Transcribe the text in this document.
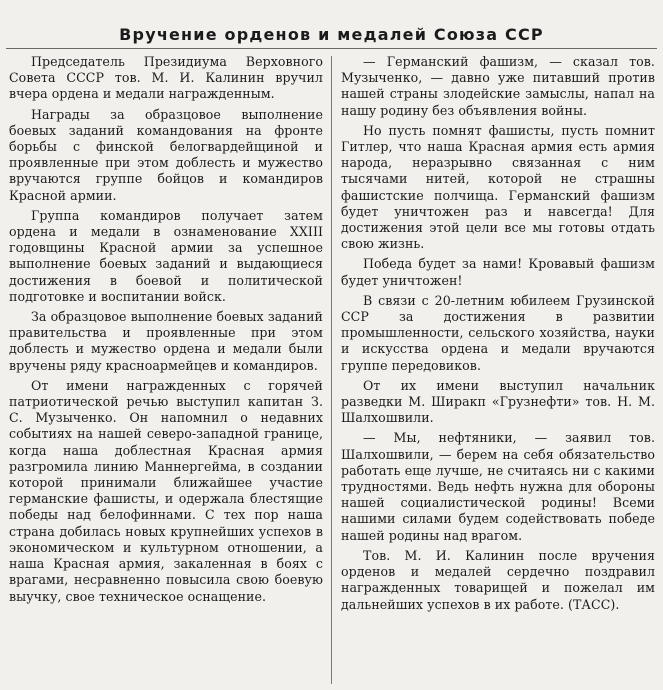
Вручение орденов и медалей Союза ССР

Председатель Президиума Верховного Совета СССР тов. М. И. Калинин вручил вчера ордена и медали награжденным.

Награды за образцовое выполнение боевых заданий командования на фронте борьбы с финской белогвардейщиной и проявленные при этом доблесть и мужество вручаются группе бойцов и командиров Красной армии.

Группа командиров получает затем ордена и медали в ознаменование XXIII годовщины Красной армии за успешное выполнение боевых заданий и выдающиеся достижения в боевой и политической подготовке и воспитании войск.

За образцовое выполнение боевых заданий правительства и проявленные при этом доблесть и мужество ордена и медали были вручены ряду красноармейцев и командиров.

От имени награжденных с горячей патриотической речью выступил капитан З. С. Музыченко. Он напомнил о недавних событиях на нашей северо-западной границе, когда наша доблестная Красная армия разгромила линию Маннергейма, в создании которой принимали ближайшее участие германские фашисты, и одержала блестящие победы над белофиннами. С тех пор наша страна добилась новых крупнейших успехов в экономическом и культурном отношении, а наша Красная армия, закаленная в боях с врагами, несравненно повысила свою боевую выучку, свое техническое оснащение.

— Германский фашизм, — сказал тов. Музыченко, — давно уже питавший против нашей страны злодейские замыслы, напал на нашу родину без объявления войны.

Но пусть помнят фашисты, пусть помнит Гитлер, что наша Красная армия есть армия народа, неразрывно связанная с ним тысячами нитей, которой не страшны фашистские полчища. Германский фашизм будет уничтожен раз и навсегда! Для достижения этой цели все мы готовы отдать свою жизнь.

Победа будет за нами! Кровавый фашизм будет уничтожен!

В связи с 20-летним юбилеем Грузинской ССР за достижения в развитии промышленности, сельского хозяйства, науки и искусства ордена и медали вручаются группе передовиков.

От их имени выступил начальник разведки М. Ширакп «Грузнефти» тов. Н. М. Шалхошвили.

— Мы, нефтяники, — заявил тов. Шалхошвили, — берем на себя обязательство работать еще лучше, не считаясь ни с какими трудностями. Ведь нефть нужна для обороны нашей социалистической родины! Всеми нашими силами будем содействовать победе нашей родины над врагом.

Тов. М. И. Калинин после вручения орденов и медалей сердечно поздравил награжденных товарищей и пожелал им дальнейших успехов в их работе. (ТАСС).
